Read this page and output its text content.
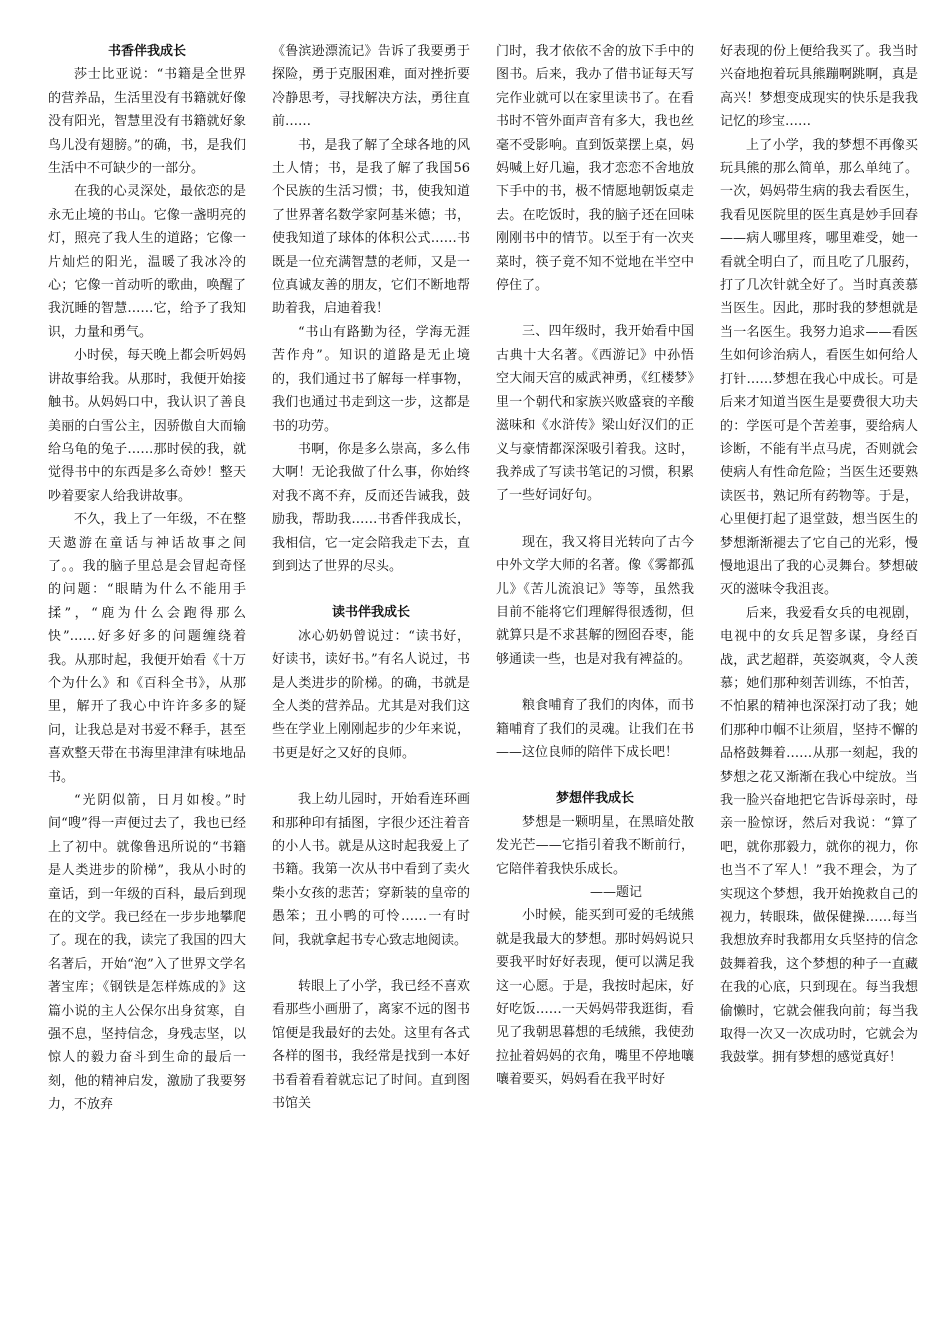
书香伴我成长

莎士比亚说：“书籍是全世界的营养品，生活里没有书籍就好像没有阳光，智慧里没有书籍就好象鸟儿没有翅膀。”的确，书，是我们生活中不可缺少的一部分。

在我的心灵深处，最依恋的是永无止境的书山。它像一盏明亮的灯，照亮了我人生的道路；它像一片灿烂的阳光，温暖了我冰冷的心；它像一首动听的歌曲，唤醒了我沉睡的智慧……它，给予了我知识，力量和勇气。

小时侯，每天晚上都会听妈妈讲故事给我。从那时，我便开始接触书。从妈妈口中，我认识了善良美丽的白雪公主，因骄傲自大而输给乌龟的兔子……那时侯的我，就觉得书中的东西是多么奇妙！整天吵着要家人给我讲故事。

不久，我上了一年级，不在整天遨游在童话与神话故事之间了。。我的脑子里总是会冒起奇怪的问题：“眼睛为什么不能用手揉”，“鹿为什么会跑得那么快”……好多好多的问题缠绕着我。从那时起，我便开始看《十万个为什么》和《百科全书》，从那里，解开了我心中许许多多的疑问，让我总是对书爱不释手，甚至喜欢整天带在书海里津津有味地品书。

“光阴似箭，日月如梭。”时间“嗖”得一声便过去了，我也已经上了初中。就像鲁迅所说的“书籍是人类进步的阶梯”，我从小时的童话，到一年级的百科，最后到现在的文学。我已经在一步步地攀爬了。现在的我，读完了我国的四大名著后，开始“泡”入了世界文学名著宝库；《钢铁是怎样炼成的》这篇小说的主人公保尔出身贫寒，自强不息，坚持信念，身残志坚，以惊人的毅力奋斗到生命的最后一刻，他的精神启发，激励了我要努力，不放弃

《鲁滨逊漂流记》告诉了我要勇于探险，勇于克服困难，面对挫折要冷静思考，寻找解决方法，勇往直前……

书，是我了解了全球各地的风土人情；书，是我了解了我国56个民族的生活习惯；书，使我知道了世界著名数学家阿基米德；书，使我知道了球体的体积公式……书既是一位充满智慧的老师，又是一位真诚友善的朋友，它们不断地帮助着我，启迪着我！

“书山有路勤为径，学海无涯苦作舟”。知识的道路是无止境的，我们通过书了解每一样事物，我们也通过书走到这一步，这都是书的功劳。

书啊，你是多么崇高，多么伟大啊！无论我做了什么事，你始终对我不离不弃，反而还告诫我，鼓励我，帮助我……书香伴我成长，我相信，它一定会陪我走下去，直到到达了世界的尽头。

读书伴我成长

冰心奶奶曾说过：“读书好，好读书，读好书。”有名人说过，书是人类进步的阶梯。的确，书就是全人类的营养品。尤其是对我们这些在学业上刚刚起步的少年来说，书更是好之又好的良师。

我上幼儿园时，开始看连环画和那种印有插图，字很少还注着音的小人书。就是从这时起我爱上了书籍。我第一次从书中看到了卖火柴小女孩的悲苦；穿新装的皇帝的愚笨；丑小鸭的可怜……一有时间，我就拿起书专心致志地阅读。

转眼上了小学，我已经不喜欢看那些小画册了，离家不远的图书馆便是我最好的去处。这里有各式各样的图书，我经常是找到一本好书看着看着就忘记了时间。直到图书馆关

门时，我才依依不舍的放下手中的图书。后来，我办了借书证每天写完作业就可以在家里读书了。在看书时不管外面声音有多大，我也丝毫不受影响。直到饭菜摆上桌，妈妈喊上好几遍，我才恋恋不舍地放下手中的书，极不情愿地朝饭桌走去。在吃饭时，我的脑子还在回味刚刚书中的情节。以至于有一次夹菜时，筷子竟不知不觉地在半空中停住了。

三、四年级时，我开始看中国古典十大名著。《西游记》中孙悟空大闹天宫的威武神勇，《红楼梦》里一个朝代和家族兴败盛衰的辛酸滋味和《水浒传》梁山好汉们的正义与豪情都深深吸引着我。这时，我养成了写读书笔记的习惯，积累了一些好词好句。

现在，我又将目光转向了古今中外文学大师的名著。像《雾都孤儿》《苦儿流浪记》等等，虽然我目前不能将它们理解得很透彻，但就算只是不求甚解的囫囵吞枣，能够通读一些，也是对我有裨益的。

粮食哺育了我们的肉体，而书籍哺育了我们的灵魂。让我们在书——这位良师的陪伴下成长吧！

梦想伴我成长

梦想是一颗明星，在黑暗处散发光芒——它指引着我不断前行，它陪伴着我快乐成长。

——题记

小时候，能买到可爱的毛绒熊就是我最大的梦想。那时妈妈说只要我平时好好表现，便可以满足我这一心愿。于是，我按时起床，好好吃饭……一天妈妈带我逛街，看见了我朝思暮想的毛绒熊，我使劲拉扯着妈妈的衣角，嘴里不停地嚷嚷着要买，妈妈看在我平时好

好表现的份上便给我买了。我当时兴奋地抱着玩具熊蹦啊跳啊，真是高兴！梦想变成现实的快乐是我我记忆的珍宝……

上了小学，我的梦想不再像买玩具熊的那么简单，那么单纯了。一次，妈妈带生病的我去看医生，我看见医院里的医生真是妙手回春——病人哪里疼，哪里难受，她一看就全明白了，而且吃了几服药，打了几次针就全好了。当时真羡慕当医生。因此，那时我的梦想就是当一名医生。我努力追求——看医生如何诊治病人，看医生如何给人打针……梦想在我心中成长。可是后来才知道当医生是要费很大功夫的：学医可是个苦差事，要给病人诊断，不能有半点马虎，否则就会使病人有性命危险；当医生还要熟读医书，熟记所有药物等。于是，心里便打起了退堂鼓，想当医生的梦想渐渐褪去了它自己的光彩，慢慢地退出了我的心灵舞台。梦想破灭的滋味令我沮丧。

后来，我爱看女兵的电视剧，电视中的女兵足智多谋，身经百战，武艺超群，英姿飒爽，令人羡慕；她们那种刻苦训练，不怕苦，不怕累的精神也深深打动了我；她们那种巾帼不让须眉，坚持不懈的品格鼓舞着……从那一刻起，我的梦想之花又渐渐在我心中绽放。当我一脸兴奋地把它告诉母亲时，母亲一脸惊讶，然后对我说：“算了吧，就你那毅力，就你的视力，你也当不了军人！”我不理会，为了实现这个梦想，我开始挽救自己的视力，转眼珠，做保健操……每当我想放弃时我都用女兵坚持的信念鼓舞着我，这个梦想的种子一直藏在我的心底，只到现在。每当我想偷懒时，它就会催我向前；每当我取得一次又一次成功时，它就会为我鼓掌。拥有梦想的感觉真好！
